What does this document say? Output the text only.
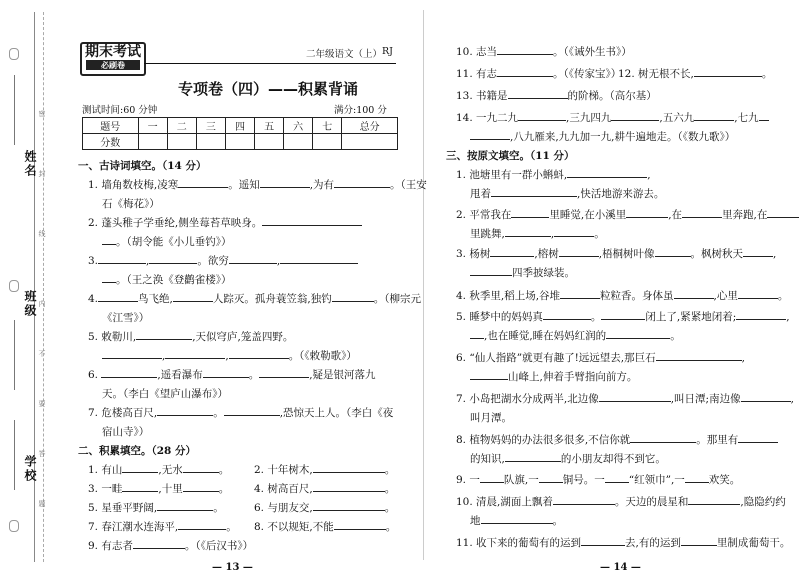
姓名
班级
学校
密
封
线
内
不
要
答
题
期末考试
必刷卷
二年级语文（上） RJ
专项卷（四）——积累背诵
测试时间:60 分钟	满分:100 分
题号	一	二	三	四	五	六	七	总分
分数								
一、古诗词填空。（14 分）
1. 墙角数枝梅,凌寒	。遥知	,为有	。（王安
石《梅花》）
2. 蓬头稚子学垂纶,侧坐莓苔草映身。
。（胡令能《小儿垂钓》）
3.	,	。欲穷	,
。（王之涣《登鹳雀楼》）
4.	鸟飞绝,	人踪灭。孤舟蓑笠翁,独钓	。（柳宗元
《江雪》）
5. 敕勒川,	,天似穹庐,笼盖四野。
,	,	。（《敕勒歌》）
6.	,遥看瀑布	。	,疑是银河落九
天。（李白《望庐山瀑布》）
7. 危楼高百尺,	。	,恐惊天上人。（李白《夜
宿山寺》）
二、积累填空。（28 分）
1. 有山	,无水	。 2. 十年树木,	。
3. 一畦	,十里	。 4. 树高百尺,	。
5. 星垂平野阔,	。	6. 与朋友交,	。
7. 春江潮水连海平,	。 8. 不以规矩,不能	。
9. 有志者	。（《后汉书》）
— 13 —
10. 志当	。（《诫外生书》）
11. 有志	。（《传家宝》）
12. 树无根不长,	。
13. 书籍是	的阶梯。（高尔基）
14. 一九二九	,三九四九	,五六九	,七九
,八九雁来,九九加一九,耕牛遍地走。（《数九歌》）
三、按原文填空。（11 分）
1. 池塘里有一群小蝌蚪,	,
甩着	,快活地游来游去。
2. 平常我在	里睡觉,在小溪里	,在	里奔跑,在
里跳舞,	,	。
3. 杨树	,榕树	,梧桐树叶像	。枫树秋天	,
四季披绿装。
4. 秋季里,稻上场,谷堆	粒粒香。身体虽	,心里	。
5. 睡梦中的妈妈真	。	闭上了,紧紧地闭着;	,
,也在睡觉,睡在妈妈红润的	。
6. “仙人指路”就更有趣了!远远望去,那巨石	,
山峰上,伸着手臂指向前方。
7. 小岛把湖水分成两半,北边像	,叫日潭;南边像	,
叫月潭。
8. 植物妈妈的办法很多很多,不信你就	。那里有
的知识,	的小朋友却得不到它。
9. 一 队旗,一 铜号。一 “红领巾”,一 欢笑。
10. 清晨,湖面上飘着	。天边的晨星和	,隐隐约约
地	。
11. 收下来的葡萄有的运到	去,有的运到	里制成葡萄干。
— 14 —
